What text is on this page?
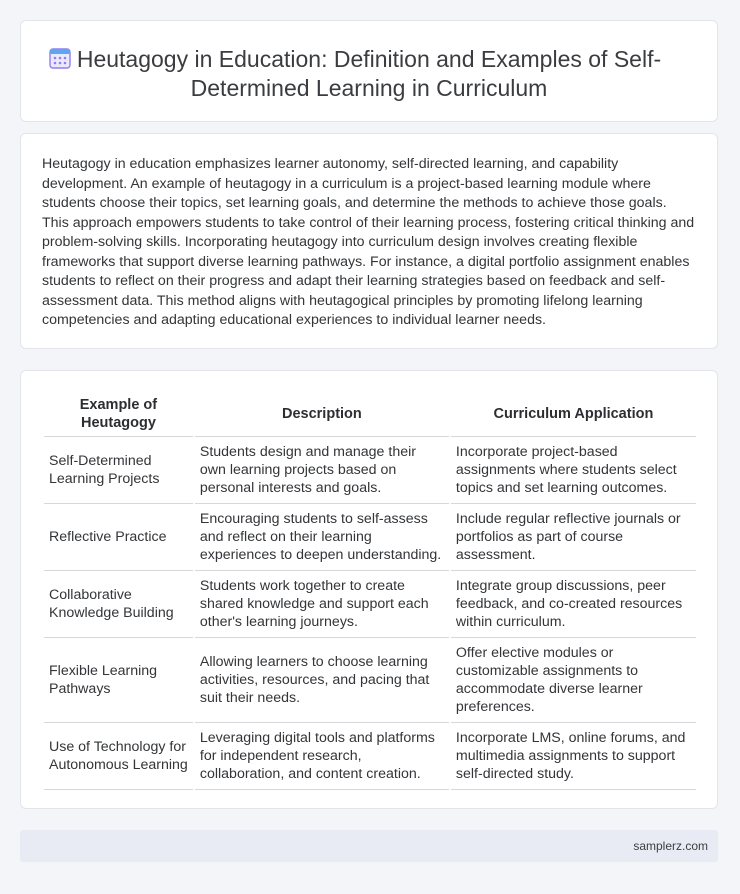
Heutagogy in Education: Definition and Examples of Self-Determined Learning in Curriculum
Heutagogy in education emphasizes learner autonomy, self-directed learning, and capability development. An example of heutagogy in a curriculum is a project-based learning module where students choose their topics, set learning goals, and determine the methods to achieve those goals. This approach empowers students to take control of their learning process, fostering critical thinking and problem-solving skills. Incorporating heutagogy into curriculum design involves creating flexible frameworks that support diverse learning pathways. For instance, a digital portfolio assignment enables students to reflect on their progress and adapt their learning strategies based on feedback and self-assessment data. This method aligns with heutagogical principles by promoting lifelong learning competencies and adapting educational experiences to individual learner needs.
Example of Heutagogy	Description	Curriculum Application
Self-Determined Learning Projects	Students design and manage their own learning projects based on personal interests and goals.	Incorporate project-based assignments where students select topics and set learning outcomes.
Reflective Practice	Encouraging students to self-assess and reflect on their learning experiences to deepen understanding.	Include regular reflective journals or portfolios as part of course assessment.
Collaborative Knowledge Building	Students work together to create shared knowledge and support each other's learning journeys.	Integrate group discussions, peer feedback, and co-created resources within curriculum.
Flexible Learning Pathways	Allowing learners to choose learning activities, resources, and pacing that suit their needs.	Offer elective modules or customizable assignments to accommodate diverse learner preferences.
Use of Technology for Autonomous Learning	Leveraging digital tools and platforms for independent research, collaboration, and content creation.	Incorporate LMS, online forums, and multimedia assignments to support self-directed study.
samplerz.com
